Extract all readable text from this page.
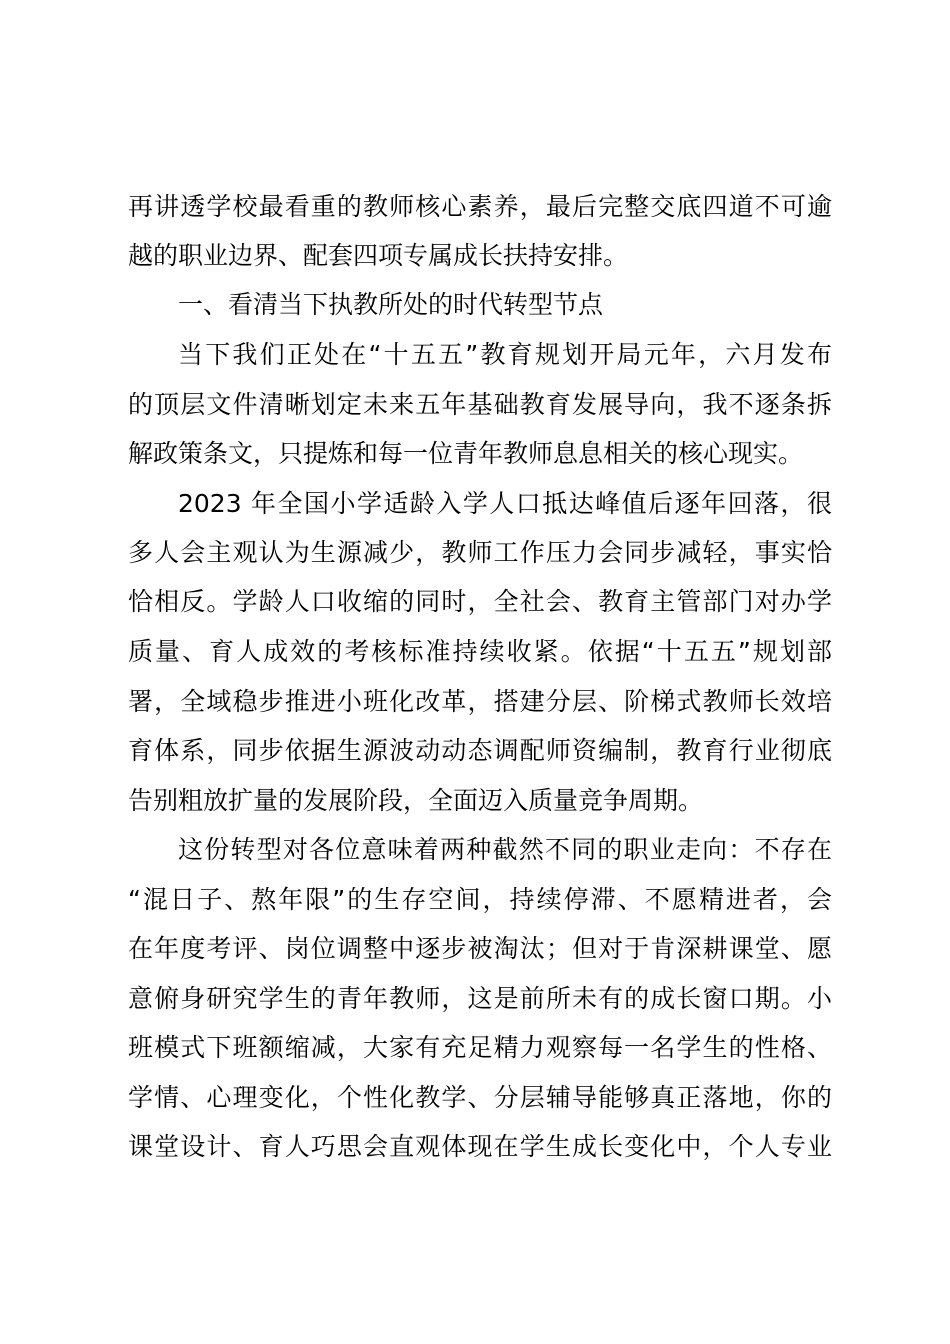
再讲透学校最看重的教师核心素养，最后完整交底四道不可逾
越的职业边界、配套四项专属成长扶持安排。
一、看清当下执教所处的时代转型节点
当下我们正处在“十五五”教育规划开局元年，六月发布
的顶层文件清晰划定未来五年基础教育发展导向，我不逐条拆
解政策条文，只提炼和每一位青年教师息息相关的核心现实。
2023 年全国小学适龄入学人口抵达峰值后逐年回落，很
多人会主观认为生源减少，教师工作压力会同步减轻，事实恰
恰相反。学龄人口收缩的同时，全社会、教育主管部门对办学
质量、育人成效的考核标准持续收紧。依据“十五五”规划部
署，全域稳步推进小班化改革，搭建分层、阶梯式教师长效培
育体系，同步依据生源波动动态调配师资编制，教育行业彻底
告别粗放扩量的发展阶段，全面迈入质量竞争周期。
这份转型对各位意味着两种截然不同的职业走向：不存在
“混日子、熬年限”的生存空间，持续停滞、不愿精进者，会
在年度考评、岗位调整中逐步被淘汰；但对于肯深耕课堂、愿
意俯身研究学生的青年教师，这是前所未有的成长窗口期。小
班模式下班额缩减，大家有充足精力观察每一名学生的性格、
学情、心理变化，个性化教学、分层辅导能够真正落地，你的
课堂设计、育人巧思会直观体现在学生成长变化中，个人专业
